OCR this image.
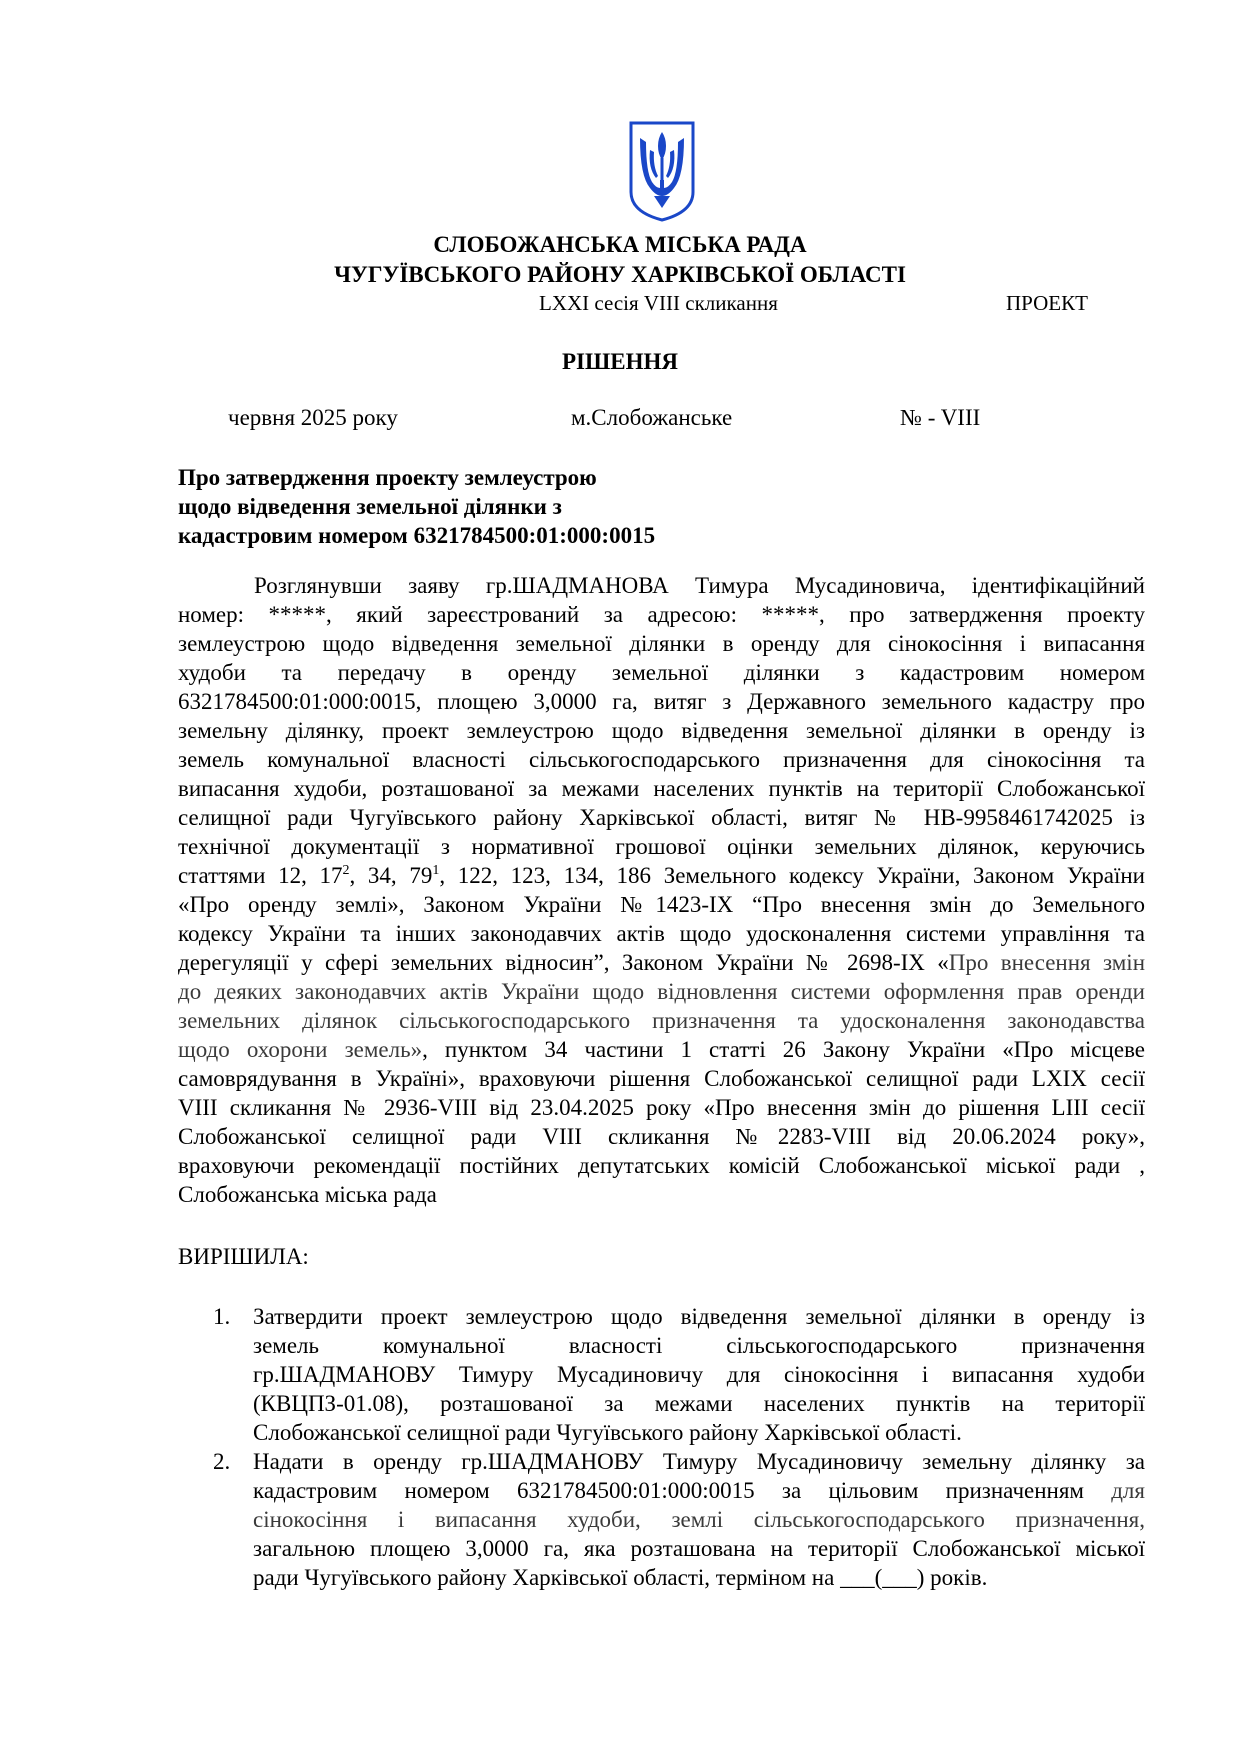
СЛОБОЖАНСЬКА МІСЬКА РАДА
ЧУГУЇВСЬКОГО РАЙОНУ ХАРКІВСЬКОЇ ОБЛАСТІ
LXXI сесія VIII скликання	ПРОЕКТ
РІШЕННЯ
червня 2025 року	м.Слобожанське	№ - VIII
Про затвердження проекту землеустрою
щодо відведення земельної ділянки з
кадастровим номером 6321784500:01:000:0015
Розглянувши заяву гр.ШАДМАНОВА Тимура Мусадиновича, ідентифікаційний
номер: *****, який зареєстрований за адресою: *****, про затвердження проекту
землеустрою щодо відведення земельної ділянки в оренду для сінокосіння і випасання
худоби та передачу в оренду земельної ділянки з кадастровим номером
6321784500:01:000:0015, площею 3,0000 га, витяг з Державного земельного кадастру про
земельну ділянку, проект землеустрою щодо відведення земельної ділянки в оренду із
земель комунальної власності сільськогосподарського призначення для сінокосіння та
випасання худоби, розташованої за межами населених пунктів на території Слобожанської
селищної ради Чугуївського району Харківської області, витяг № НВ-9958461742025 із
технічної документації з нормативної грошової оцінки земельних ділянок, керуючись
статтями 12, $17^2$, 34, $79^1$, 122, 123, 134, 186 Земельного кодексу України, Законом України
«Про оренду землі», Законом України №1423-IX “Про внесення змін до Земельного
кодексу України та інших законодавчих актів щодо удосконалення системи управління та
дерегуляції у сфері земельних відносин”, Законом України № 2698-IX «Про внесення змін
до деяких законодавчих актів України щодо відновлення системи оформлення прав оренди
земельних ділянок сільськогосподарського призначення та удосконалення законодавства
щодо охорони земель», пунктом 34 частини 1 статті 26 Закону України «Про місцеве
самоврядування в Україні», враховуючи рішення Слобожанської селищної ради LXIX сесії
VIII скликання № 2936-VIII від 23.04.2025 року «Про внесення змін до рішення LIII сесії
Слобожанської селищної ради VIII скликання №2283-VIII від 20.06.2024 року»,
враховуючи рекомендації постійних депутатських комісій Слобожанської міської ради ,
Слобожанська міська рада
ВИРІШИЛА:
1. Затвердити проект землеустрою щодо відведення земельної ділянки в оренду із
земель комунальної власності сільськогосподарського призначення
гр.ШАДМАНОВУ Тимуру Мусадиновичу для сінокосіння і випасання худоби
(КВЦПЗ-01.08), розташованої за межами населених пунктів на території
Слобожанської селищної ради Чугуївського району Харківської області.
2. Надати в оренду гр.ШАДМАНОВУ Тимуру Мусадиновичу земельну ділянку за
кадастровим номером 6321784500:01:000:0015 за цільовим призначенням для
сінокосіння і випасання худоби, землі сільськогосподарського призначення,
загальною площею 3,0000 га, яка розташована на території Слобожанської міської
ради Чугуївського району Харківської області, терміном на ___(___) років.
